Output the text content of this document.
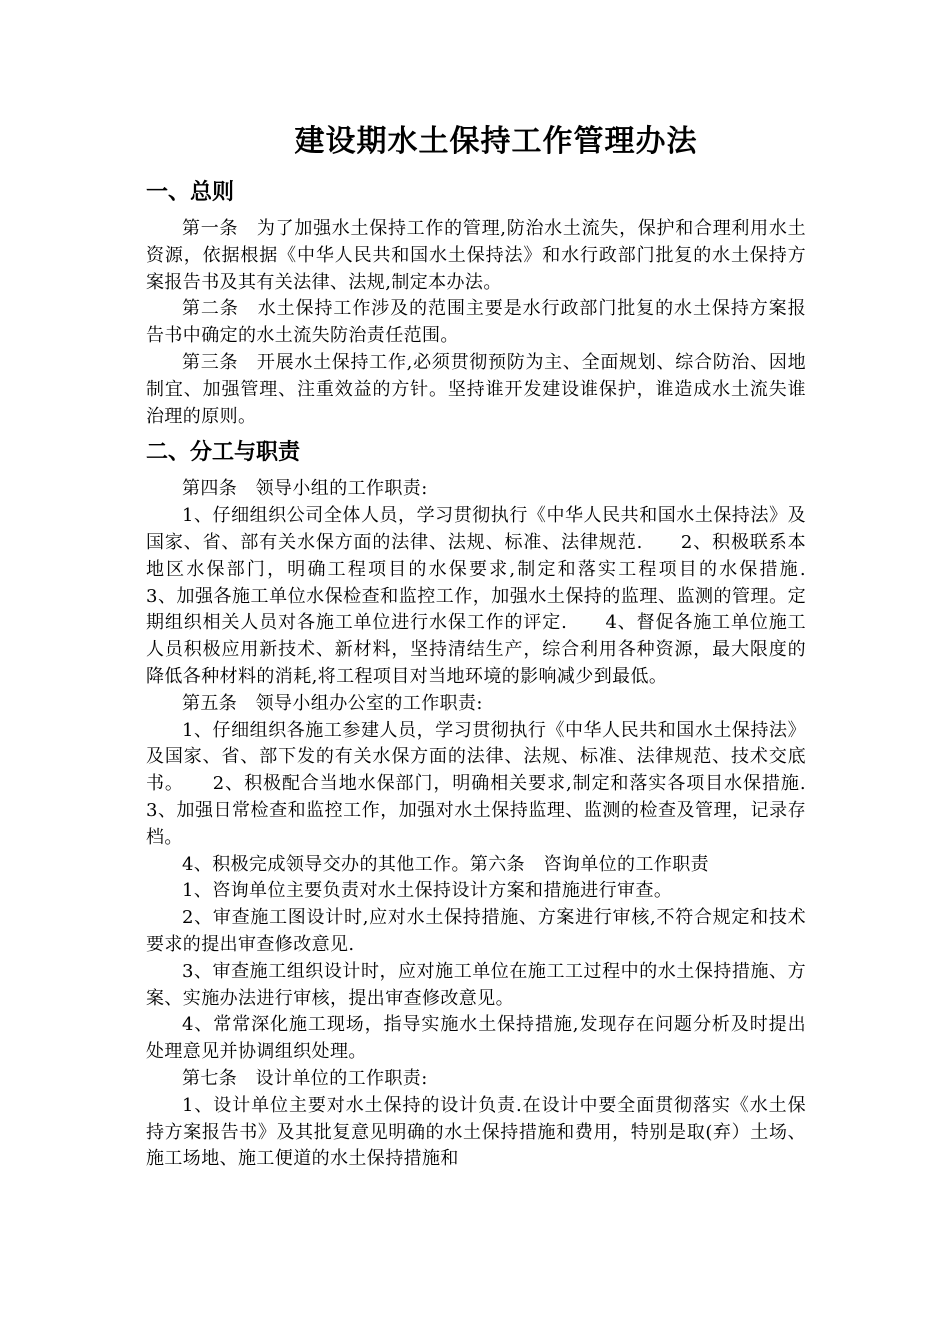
建设期水土保持工作管理办法
一、总则

第一条　为了加强水土保持工作的管理,防治水土流失，保护和合理利用水土资源，依据根据《中华人民共和国水土保持法》和水行政部门批复的水土保持方案报告书及其有关法律、法规,制定本办法。

第二条　水土保持工作涉及的范围主要是水行政部门批复的水土保持方案报告书中确定的水土流失防治责任范围。

第三条　开展水土保持工作,必须贯彻预防为主、全面规划、综合防治、因地制宜、加强管理、注重效益的方针。坚持谁开发建设谁保护，谁造成水土流失谁治理的原则。

二、分工与职责

第四条　领导小组的工作职责:

1、仔细组织公司全体人员，学习贯彻执行《中华人民共和国水土保持法》及国家、省、部有关水保方面的法律、法规、标准、法律规范.　　2、积极联系本地区水保部门，明确工程项目的水保要求,制定和落实工程项目的水保措施.　　3、加强各施工单位水保检查和监控工作，加强水土保持的监理、监测的管理。定期组织相关人员对各施工单位进行水保工作的评定.　　4、督促各施工单位施工人员积极应用新技术、新材料，坚持清结生产，综合利用各种资源，最大限度的降低各种材料的消耗,将工程项目对当地环境的影响减少到最低。

第五条　领导小组办公室的工作职责:

1、仔细组织各施工参建人员，学习贯彻执行《中华人民共和国水土保持法》及国家、省、部下发的有关水保方面的法律、法规、标准、法律规范、技术交底书。　　2、积极配合当地水保部门，明确相关要求,制定和落实各项目水保措施.　　3、加强日常检查和监控工作，加强对水土保持监理、监测的检查及管理，记录存档。

4、积极完成领导交办的其他工作。第六条　咨询单位的工作职责

1、咨询单位主要负责对水土保持设计方案和措施进行审查。

2、审查施工图设计时,应对水土保持措施、方案进行审核,不符合规定和技术要求的提出审查修改意见.

3、审查施工组织设计时，应对施工单位在施工工过程中的水土保持措施、方案、实施办法进行审核，提出审查修改意见。

4、常常深化施工现场，指导实施水土保持措施,发现存在问题分析及时提出处理意见并协调组织处理。

第七条　设计单位的工作职责:

1、设计单位主要对水土保持的设计负责.在设计中要全面贯彻落实《水土保持方案报告书》及其批复意见明确的水土保持措施和费用，特别是取(弃）土场、施工场地、施工便道的水土保持措施和
